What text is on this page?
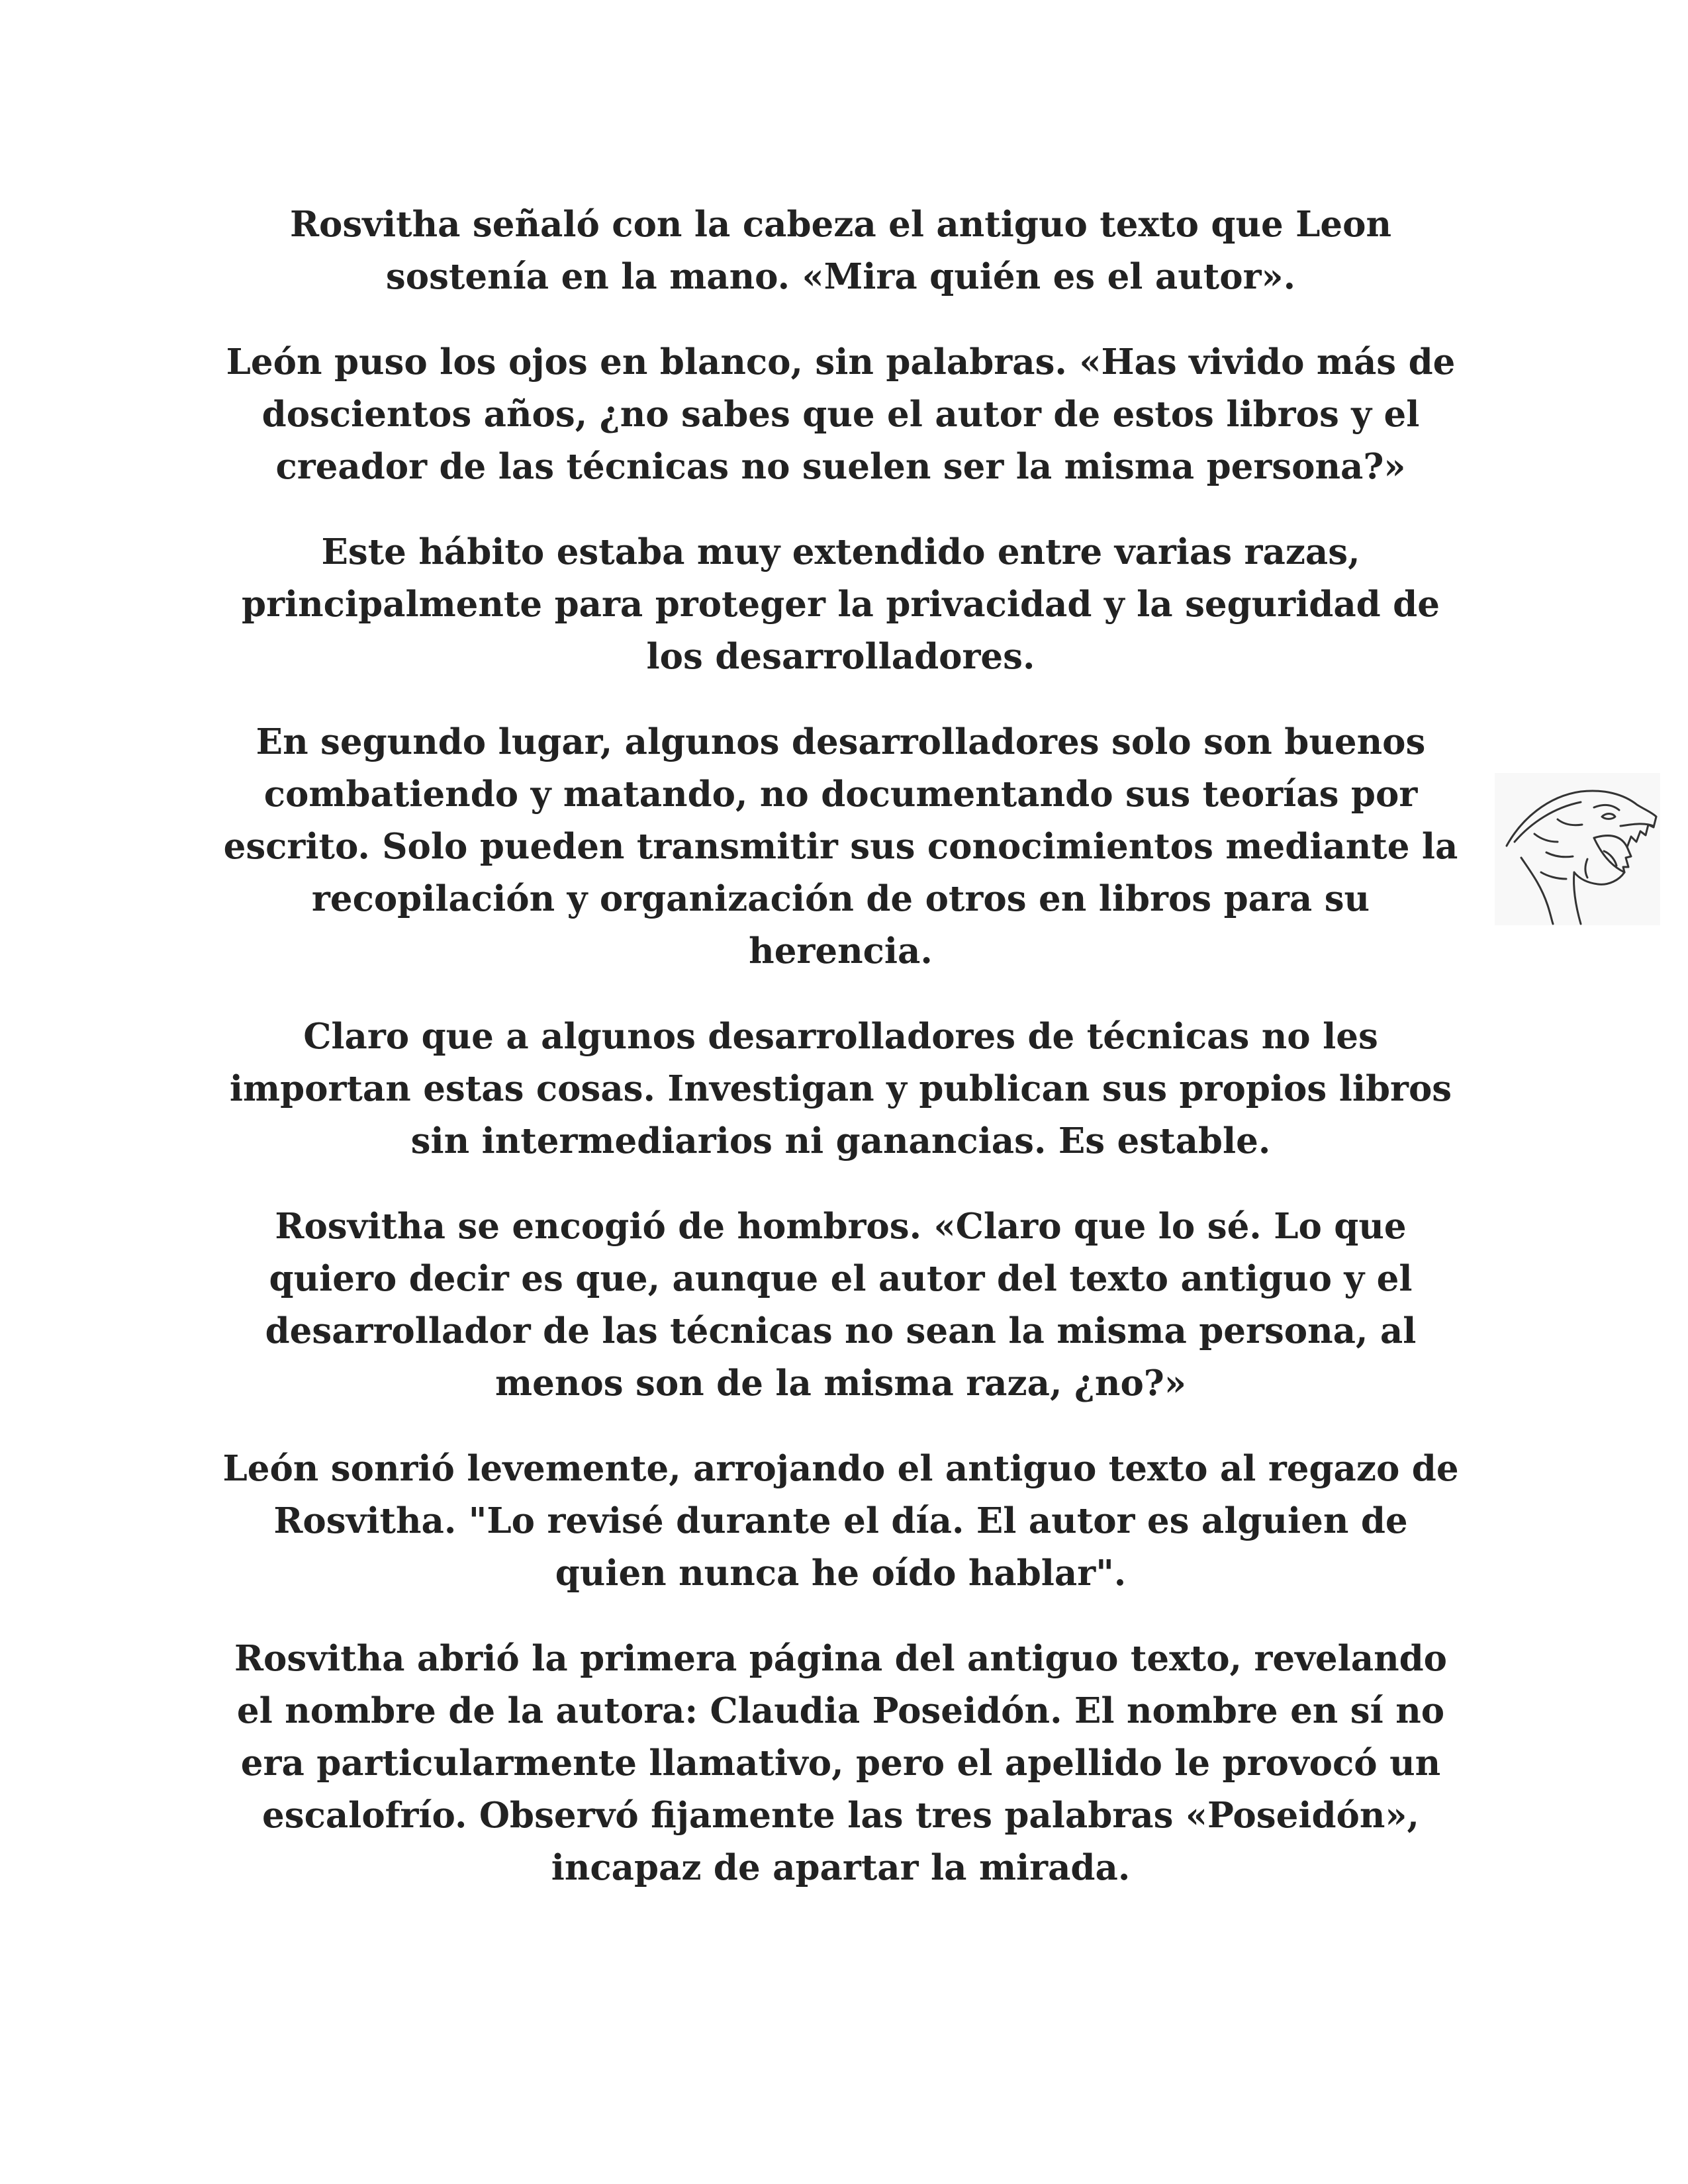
Rosvitha señaló con la cabeza el antiguo texto que Leon
sostenía en la mano. «Mira quién es el autor».

León puso los ojos en blanco, sin palabras. «Has vivido más de
doscientos años, ¿no sabes que el autor de estos libros y el
creador de las técnicas no suelen ser la misma persona?»

Este hábito estaba muy extendido entre varias razas,
principalmente para proteger la privacidad y la seguridad de
los desarrolladores.

En segundo lugar, algunos desarrolladores solo son buenos
combatiendo y matando, no documentando sus teorías por
escrito. Solo pueden transmitir sus conocimientos mediante la
recopilación y organización de otros en libros para su
herencia.

Claro que a algunos desarrolladores de técnicas no les
importan estas cosas. Investigan y publican sus propios libros
sin intermediarios ni ganancias. Es estable.

Rosvitha se encogió de hombros. «Claro que lo sé. Lo que
quiero decir es que, aunque el autor del texto antiguo y el
desarrollador de las técnicas no sean la misma persona, al
menos son de la misma raza, ¿no?»

León sonrió levemente, arrojando el antiguo texto al regazo de
Rosvitha. "Lo revisé durante el día. El autor es alguien de
quien nunca he oído hablar".

Rosvitha abrió la primera página del antiguo texto, revelando
el nombre de la autora: Claudia Poseidón. El nombre en sí no
era particularmente llamativo, pero el apellido le provocó un
escalofrío. Observó fijamente las tres palabras «Poseidón»,
incapaz de apartar la mirada.
